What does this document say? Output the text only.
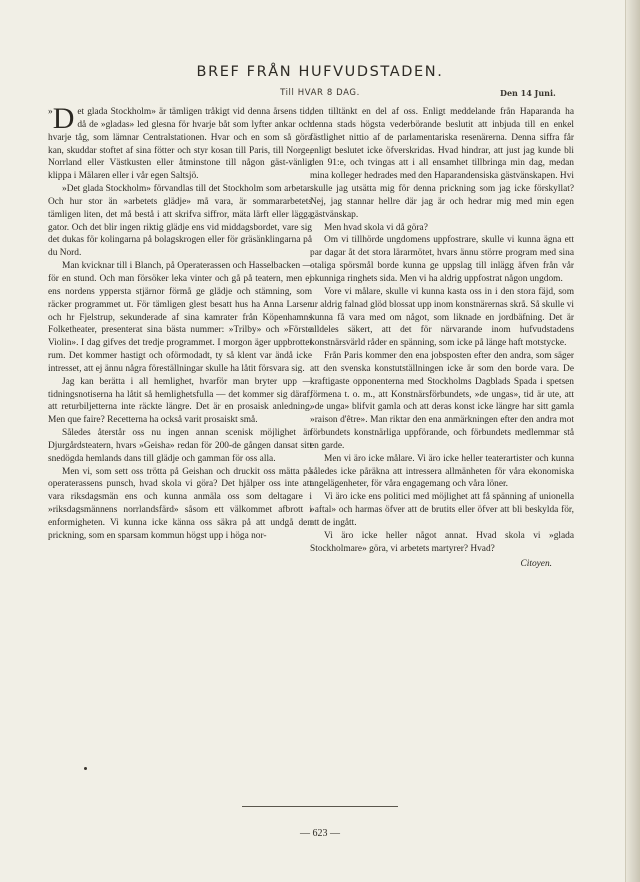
BREF FRÅN HUFVUDSTADEN.
Till HVAR 8 DAG.	Den 14 Juni.

» D et glada Stockholm» är tämligen tråkigt vid denna årsens tid, då de »gladas» led glesna för hvarje båt som lyfter ankar och hvarje tåg, som lämnar Centralstationen. Hvar och en som så göra kan, skuddar stoftet af sina fötter och styr kosan till Paris, till Norge, Norrland eller Västkusten eller åtminstone till någon gäst-vänlig klippa i Mälaren eller i vår egen Saltsjö.

»Det glada Stockholm» förvandlas till det Stockholm som arbetar. Och hur stor än »arbetets glädje» må vara, är sommararbetets tämligen liten, det må bestå i att skrifva siffror, mäta lärft eller lägga gator. Och det blir ingen riktig glädje ens vid middagsbordet, vare sig det dukas för kolingarna på bolagskrogen eller för gräsänklingarna på du Nord.

Man kvicknar till i Blanch, på Operaterassen och Hasselbacken — för en stund. Och man försöker leka vinter och gå på teatern, men ej ens nordens yppersta stjärnor förmå ge glädje och stämning, som räcker programmet ut. För tämligen glest besatt hus ha Anna Larsen och hr Fjelstrup, sekunderade af sina kamrater från Köpenhamns Folketheater, presenterat sina bästa nummer: »Trilby» och »Förste Violin». I dag gifves det tredje programmet. I morgon äger uppbrottet rum. Det kommer hastigt och oförmodadt, ty så klent var ändå icke intresset, att ej ännu några föreställningar skulle ha låtit försvara sig.

Jag kan berätta i all hemlighet, hvarför man bryter upp — tidningsnotiserna ha låtit så hemlighetsfulla — det kommer sig däraf, att returbiljetterna inte räckte längre. Det är en prosaisk anledning. Men que faire? Recetterna ha också varit prosaiskt små.

Således återstår oss nu ingen annan scenisk möjlighet än Djurgårdsteatern, hvars »Geisha» redan för 200-de gången dansat sitt snedögda hemlands dans till glädje och gamman för oss alla.

Men vi, som sett oss trötta på Geishan och druckit oss mätta på operaterassens punsch, hvad skola vi göra? Det hjälper oss inte att vara riksdagsmän ens och kunna anmäla oss som deltagare i »riksdagsmännens norrlandsfärd» såsom ett välkommet afbrott i enformigheten. Vi kunna icke känna oss säkra på att undgå den prickning, som en sparsam kommun högst upp i höga nor-

den tilltänkt en del af oss. Enligt meddelande från Haparanda ha denna stads högsta vederbörande beslutit att inbjuda till en enkel fästlighet nittio af de parlamentariska resenärerna. Denna siffra får enligt beslutet icke öfverskridas. Hvad hindrar, att just jag kunde bli den 91:e, och tvingas att i all ensamhet tillbringa min dag, medan mina kolleger hedrades med den Haparandensiska gästvänskapen. Hvi skulle jag utsätta mig för denna prickning som jag icke förskyllat? Nej, jag stannar hellre där jag är och hedrar mig med min egen gästvänskap.

Men hvad skola vi då göra?

Om vi tillhörde ungdomens uppfostrare, skulle vi kunna ägna ett par dagar åt det stora lärarmötet, hvars ännu större program med sina otaliga spörsmål borde kunna ge uppslag till inlägg äfven från vår okunniga ringhets sida. Men vi ha aldrig uppfostrat någon ungdom.

Vore vi målare, skulle vi kunna kasta oss in i den stora fäjd, som ur aldrig falnad glöd blossat upp inom konstnärernas skrå. Så skulle vi kunna få vara med om något, som liknade en jordbäfning. Det är alldeles säkert, att det för närvarande inom hufvudstadens konstnärsvärld råder en spänning, som icke på länge haft motstycke.

Från Paris kommer den ena jobsposten efter den andra, som säger att den svenska konstutställningen icke är som den borde vara. De kraftigaste opponenterna med Stockholms Dagblads Spada i spetsen förmena t. o. m., att Konstnärsförbundets, »de ungas», tid är ute, att »de unga» blifvit gamla och att deras konst icke längre har sitt gamla »raison d'être». Man riktar den ena anmärkningen efter den andra mot förbundets konstnärliga uppförande, och förbundets medlemmar stå en garde.

Men vi äro icke målare. Vi äro icke heller teaterartister och kunna således icke påräkna att intressera allmänheten för våra ekonomiska angelägenheter, för våra engagemang och våra löner.

Vi äro icke ens politici med möjlighet att få spänning af unionella »aftal» och harmas öfver att de brutits eller öfver att bli beskylda för, att de ingått.

Vi äro icke heller något annat. Hvad skola vi »glada Stockholmare» göra, vi arbetets martyrer? Hvad?

Citoyen.
— 623 —
